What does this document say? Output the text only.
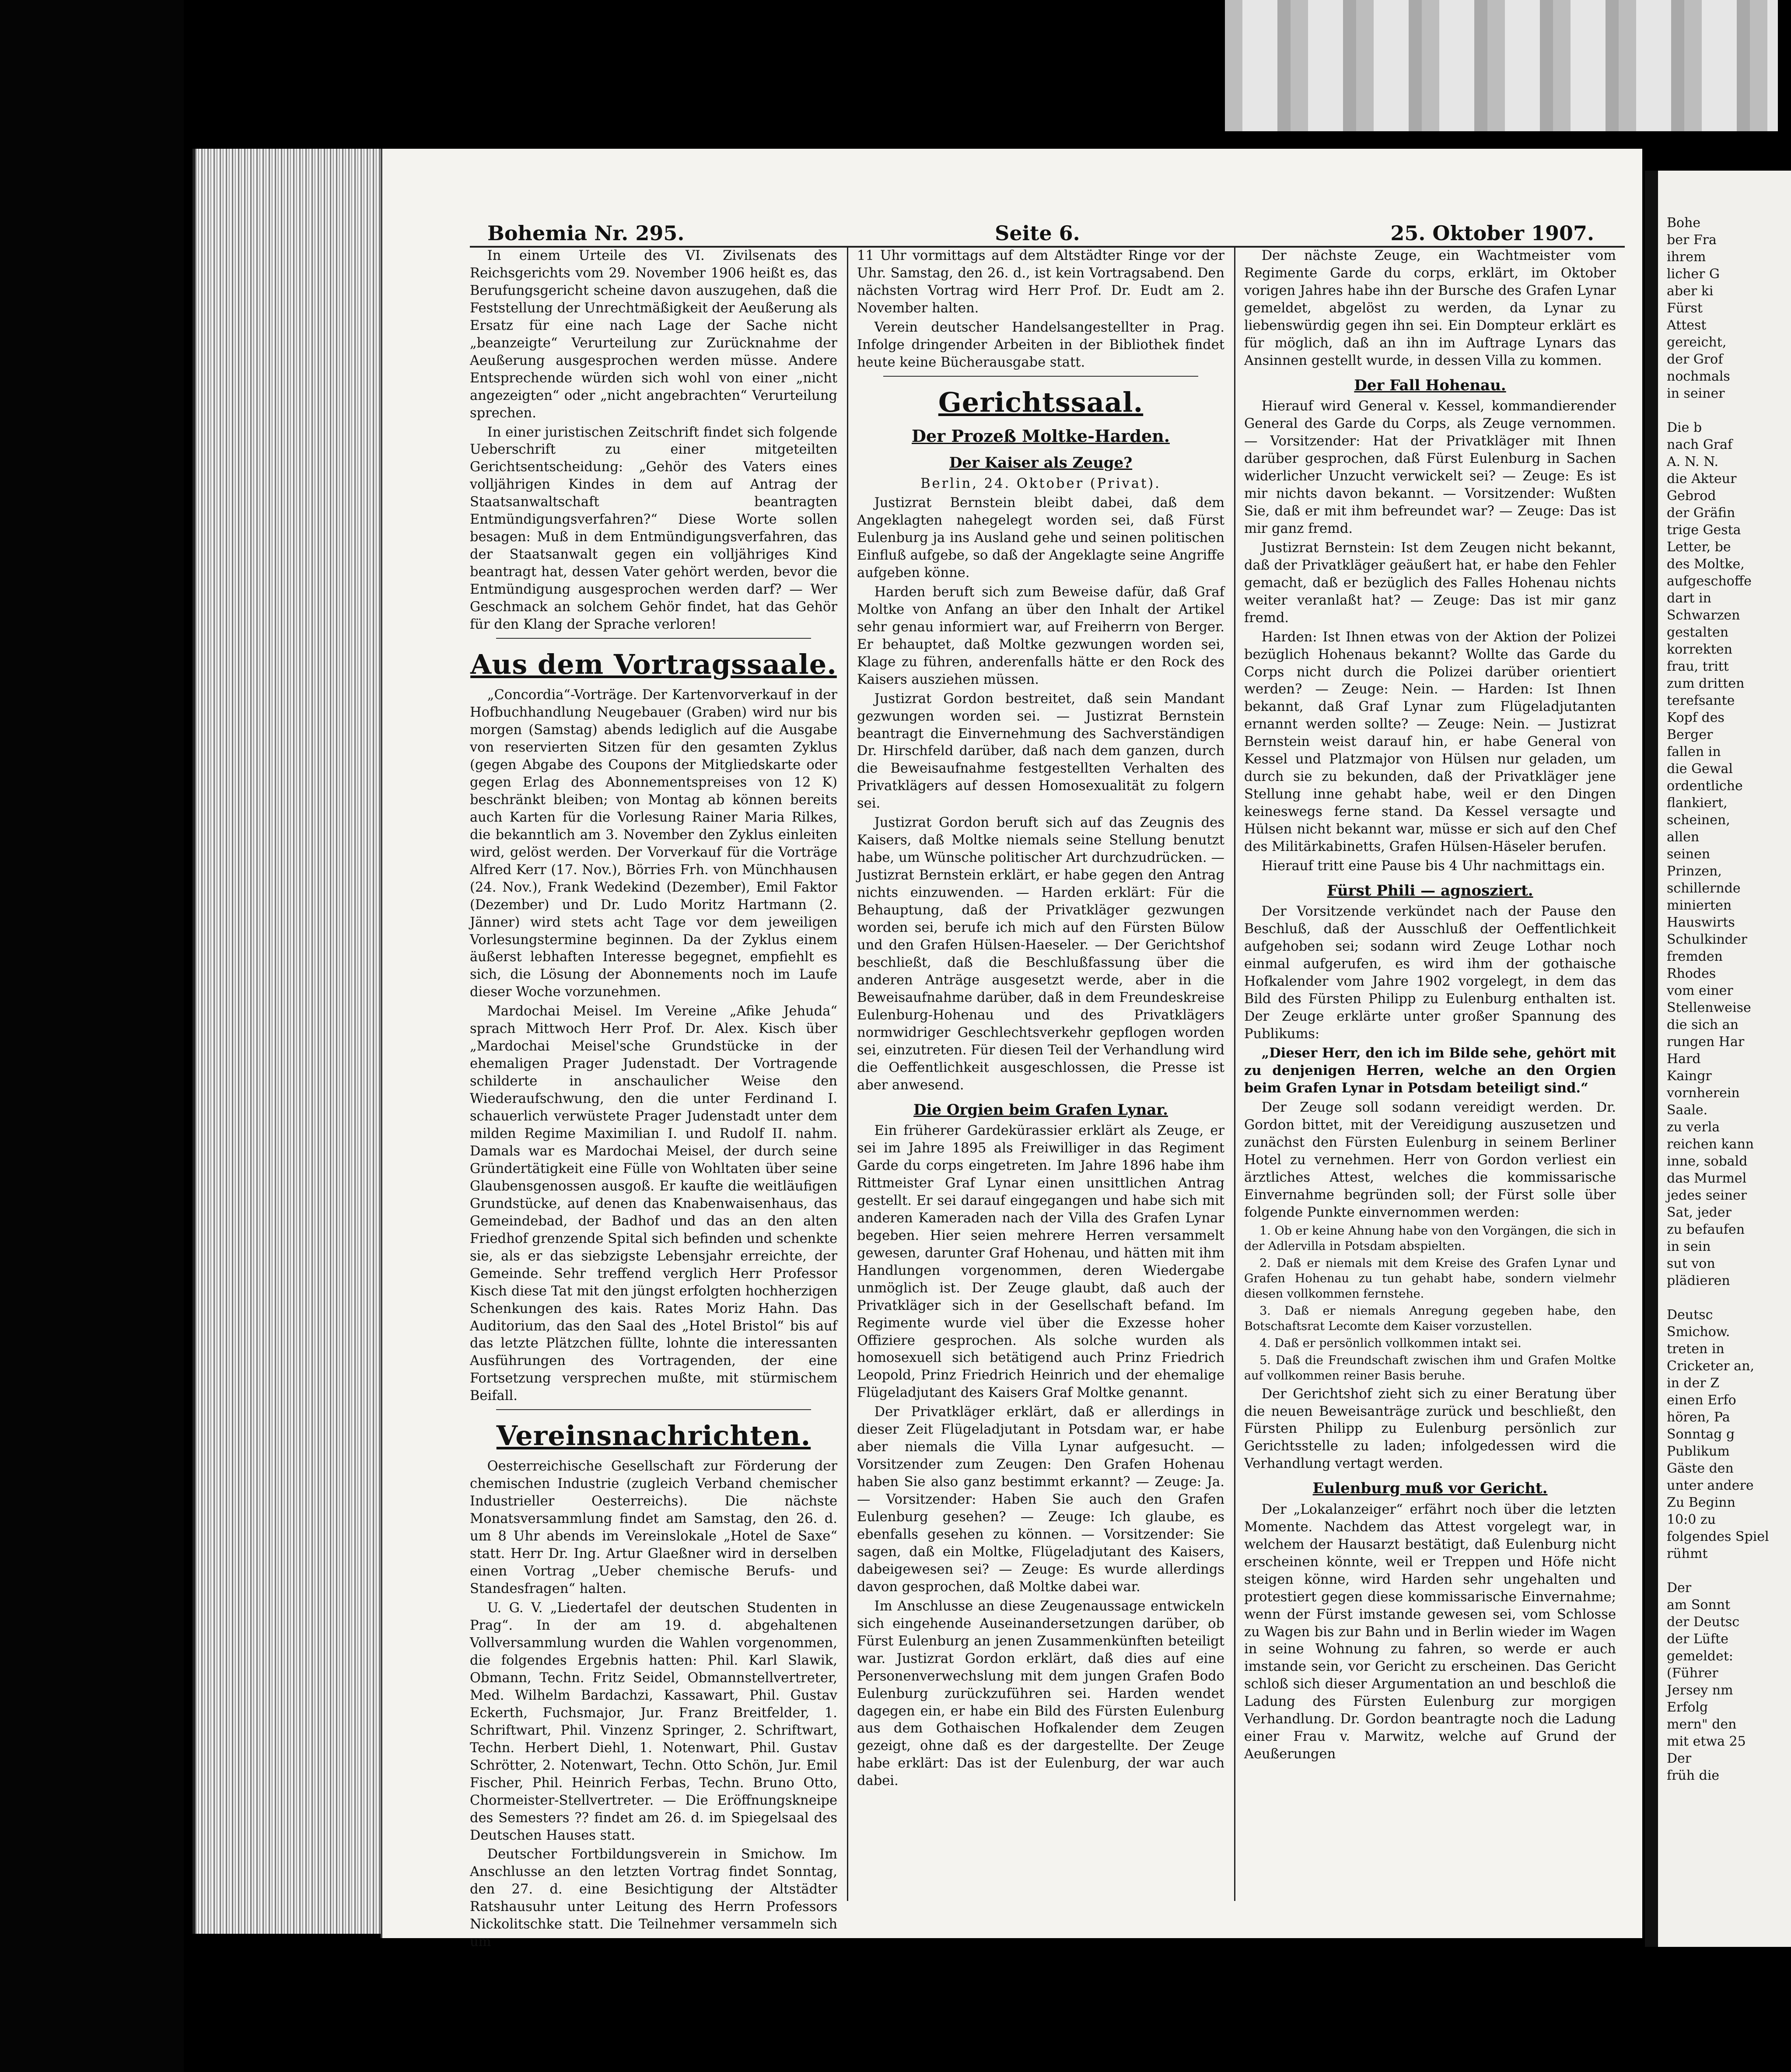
Bohemia Nr. 295.	Seite 6.	25. Oktober 1907.

In einem Urteile des VI. Zivilsenats des Reichsgerichts vom 29. November 1906 heißt es, das Berufungsgericht scheine davon auszugehen, daß die Feststellung der Unrechtmäßigkeit der Aeußerung als Ersatz für eine nach Lage der Sache nicht „beanzeigte“ Verurteilung zur Zurücknahme der Aeußerung ausgesprochen werden müsse. Andere Entsprechende würden sich wohl von einer „nicht angezeigten“ oder „nicht angebrachten“ Verurteilung sprechen.

In einer juristischen Zeitschrift findet sich folgende Ueberschrift zu einer mitgeteilten Gerichtsentscheidung: „Gehör des Vaters eines volljährigen Kindes in dem auf Antrag der Staatsanwaltschaft beantragten Entmündigungsverfahren?“ Diese Worte sollen besagen: Muß in dem Entmündigungsverfahren, das der Staatsanwalt gegen ein volljähriges Kind beantragt hat, dessen Vater gehört werden, bevor die Entmündigung ausgesprochen werden darf? — Wer Geschmack an solchem Gehör findet, hat das Gehör für den Klang der Sprache verloren!

Aus dem Vortragssaale.

„Concordia“-Vorträge. Der Kartenvorverkauf in der Hofbuchhandlung Neugebauer (Graben) wird nur bis morgen (Samstag) abends lediglich auf die Ausgabe von reservierten Sitzen für den gesamten Zyklus (gegen Abgabe des Coupons der Mitgliedskarte oder gegen Erlag des Abonnementspreises von 12 K) beschränkt bleiben; von Montag ab können bereits auch Karten für die Vorlesung Rainer Maria Rilkes, die bekanntlich am 3. November den Zyklus einleiten wird, gelöst werden. Der Vorverkauf für die Vorträge Alfred Kerr (17. Nov.), Börries Frh. von Münchhausen (24. Nov.), Frank Wedekind (Dezember), Emil Faktor (Dezember) und Dr. Ludo Moritz Hartmann (2. Jänner) wird stets acht Tage vor dem jeweiligen Vorlesungstermine beginnen. Da der Zyklus einem äußerst lebhaften Interesse begegnet, empfiehlt es sich, die Lösung der Abonnements noch im Laufe dieser Woche vorzunehmen.

Mardochai Meisel. Im Vereine „Afike Jehuda“ sprach Mittwoch Herr Prof. Dr. Alex. Kisch über „Mardochai Meisel'sche Grundstücke in der ehemaligen Prager Judenstadt. Der Vortragende schilderte in anschaulicher Weise den Wiederaufschwung, den die unter Ferdinand I. schauerlich verwüstete Prager Judenstadt unter dem milden Regime Maximilian I. und Rudolf II. nahm. Damals war es Mardochai Meisel, der durch seine Gründertätigkeit eine Fülle von Wohltaten über seine Glaubensgenossen ausgoß. Er kaufte die weitläufigen Grundstücke, auf denen das Knabenwaisenhaus, das Gemeindebad, der Badhof und das an den alten Friedhof grenzende Spital sich befinden und schenkte sie, als er das siebzigste Lebensjahr erreichte, der Gemeinde. Sehr treffend verglich Herr Professor Kisch diese Tat mit den jüngst erfolgten hochherzigen Schenkungen des kais. Rates Moriz Hahn. Das Auditorium, das den Saal des „Hotel Bristol“ bis auf das letzte Plätzchen füllte, lohnte die interessanten Ausführungen des Vortragenden, der eine Fortsetzung versprechen mußte, mit stürmischem Beifall.

Vereinsnachrichten.

Oesterreichische Gesellschaft zur Förderung der chemischen Industrie (zugleich Verband chemischer Industrieller Oesterreichs). Die nächste Monatsversammlung findet am Samstag, den 26. d. um 8 Uhr abends im Vereinslokale „Hotel de Saxe“ statt. Herr Dr. Ing. Artur Glaeßner wird in derselben einen Vortrag „Ueber chemische Berufs- und Standesfragen“ halten.

U. G. V. „Liedertafel der deutschen Studenten in Prag“. In der am 19. d. abgehaltenen Vollversammlung wurden die Wahlen vorgenommen, die folgendes Ergebnis hatten: Phil. Karl Slawik, Obmann, Techn. Fritz Seidel, Obmannstellvertreter, Med. Wilhelm Bardachzi, Kassawart, Phil. Gustav Eckerth, Fuchsmajor, Jur. Franz Breitfelder, 1. Schriftwart, Phil. Vinzenz Springer, 2. Schriftwart, Techn. Herbert Diehl, 1. Notenwart, Phil. Gustav Schrötter, 2. Notenwart, Techn. Otto Schön, Jur. Emil Fischer, Phil. Heinrich Ferbas, Techn. Bruno Otto, Chormeister-Stellvertreter. — Die Eröffnungskneipe des Semesters ?? findet am 26. d. im Spiegelsaal des Deutschen Hauses statt.

Deutscher Fortbildungsverein in Smichow. Im Anschlusse an den letzten Vortrag findet Sonntag, den 27. d. eine Besichtigung der Altstädter Ratshausuhr unter Leitung des Herrn Professors Nickolitschke statt. Die Teilnehmer versammeln sich um

11 Uhr vormittags auf dem Altstädter Ringe vor der Uhr. Samstag, den 26. d., ist kein Vortragsabend. Den nächsten Vortrag wird Herr Prof. Dr. Eudt am 2. November halten.

Verein deutscher Handelsangestellter in Prag. Infolge dringender Arbeiten in der Bibliothek findet heute keine Bücherausgabe statt.

Gerichtssaal.
Der Prozeß Moltke-Harden.
Der Kaiser als Zeuge?

Berlin, 24. Oktober (Privat).

Justizrat Bernstein bleibt dabei, daß dem Angeklagten nahegelegt worden sei, daß Fürst Eulenburg ja ins Ausland gehe und seinen politischen Einfluß aufgebe, so daß der Angeklagte seine Angriffe aufgeben könne.

Harden beruft sich zum Beweise dafür, daß Graf Moltke von Anfang an über den Inhalt der Artikel sehr genau informiert war, auf Freiherrn von Berger. Er behauptet, daß Moltke gezwungen worden sei, Klage zu führen, anderenfalls hätte er den Rock des Kaisers ausziehen müssen.

Justizrat Gordon bestreitet, daß sein Mandant gezwungen worden sei. — Justizrat Bernstein beantragt die Einvernehmung des Sachverständigen Dr. Hirschfeld darüber, daß nach dem ganzen, durch die Beweisaufnahme festgestellten Verhalten des Privatklägers auf dessen Homosexualität zu folgern sei.

Justizrat Gordon beruft sich auf das Zeugnis des Kaisers, daß Moltke niemals seine Stellung benutzt habe, um Wünsche politischer Art durchzudrücken. — Justizrat Bernstein erklärt, er habe gegen den Antrag nichts einzuwenden. — Harden erklärt: Für die Behauptung, daß der Privatkläger gezwungen worden sei, berufe ich mich auf den Fürsten Bülow und den Grafen Hülsen-Haeseler. — Der Gerichtshof beschließt, daß die Beschlußfassung über die anderen Anträge ausgesetzt werde, aber in die Beweisaufnahme darüber, daß in dem Freundeskreise Eulenburg-Hohenau und des Privatklägers normwidriger Geschlechtsverkehr gepflogen worden sei, einzutreten. Für diesen Teil der Verhandlung wird die Oeffentlichkeit ausgeschlossen, die Presse ist aber anwesend.

Die Orgien beim Grafen Lynar.

Ein früherer Gardekürassier erklärt als Zeuge, er sei im Jahre 1895 als Freiwilliger in das Regiment Garde du corps eingetreten. Im Jahre 1896 habe ihm Rittmeister Graf Lynar einen unsittlichen Antrag gestellt. Er sei darauf eingegangen und habe sich mit anderen Kameraden nach der Villa des Grafen Lynar begeben. Hier seien mehrere Herren versammelt gewesen, darunter Graf Hohenau, und hätten mit ihm Handlungen vorgenommen, deren Wiedergabe unmöglich ist. Der Zeuge glaubt, daß auch der Privatkläger sich in der Gesellschaft befand. Im Regimente wurde viel über die Exzesse hoher Offiziere gesprochen. Als solche wurden als homosexuell sich betätigend auch Prinz Friedrich Leopold, Prinz Friedrich Heinrich und der ehemalige Flügeladjutant des Kaisers Graf Moltke genannt.

Der Privatkläger erklärt, daß er allerdings in dieser Zeit Flügeladjutant in Potsdam war, er habe aber niemals die Villa Lynar aufgesucht. — Vorsitzender zum Zeugen: Den Grafen Hohenau haben Sie also ganz bestimmt erkannt? — Zeuge: Ja. — Vorsitzender: Haben Sie auch den Grafen Eulenburg gesehen? — Zeuge: Ich glaube, es ebenfalls gesehen zu können. — Vorsitzender: Sie sagen, daß ein Moltke, Flügeladjutant des Kaisers, dabeigewesen sei? — Zeuge: Es wurde allerdings davon gesprochen, daß Moltke dabei war.

Im Anschlusse an diese Zeugenaussage entwickeln sich eingehende Auseinandersetzungen darüber, ob Fürst Eulenburg an jenen Zusammenkünften beteiligt war. Justizrat Gordon erklärt, daß dies auf eine Personenverwechslung mit dem jungen Grafen Bodo Eulenburg zurückzuführen sei. Harden wendet dagegen ein, er habe ein Bild des Fürsten Eulenburg aus dem Gothaischen Hofkalender dem Zeugen gezeigt, ohne daß es der dargestellte. Der Zeuge habe erklärt: Das ist der Eulenburg, der war auch dabei.

Der nächste Zeuge, ein Wachtmeister vom Regimente Garde du corps, erklärt, im Oktober vorigen Jahres habe ihn der Bursche des Grafen Lynar gemeldet, abgelöst zu werden, da Lynar zu liebenswürdig gegen ihn sei. Ein Dompteur erklärt es für möglich, daß an ihn im Auftrage Lynars das Ansinnen gestellt wurde, in dessen Villa zu kommen.

Der Fall Hohenau.

Hierauf wird General v. Kessel, kommandierender General des Garde du Corps, als Zeuge vernommen. — Vorsitzender: Hat der Privatkläger mit Ihnen darüber gesprochen, daß Fürst Eulenburg in Sachen widerlicher Unzucht verwickelt sei? — Zeuge: Es ist mir nichts davon bekannt. — Vorsitzender: Wußten Sie, daß er mit ihm befreundet war? — Zeuge: Das ist mir ganz fremd.

Justizrat Bernstein: Ist dem Zeugen nicht bekannt, daß der Privatkläger geäußert hat, er habe den Fehler gemacht, daß er bezüglich des Falles Hohenau nichts weiter veranlaßt hat? — Zeuge: Das ist mir ganz fremd.

Harden: Ist Ihnen etwas von der Aktion der Polizei bezüglich Hohenaus bekannt? Wollte das Garde du Corps nicht durch die Polizei darüber orientiert werden? — Zeuge: Nein. — Harden: Ist Ihnen bekannt, daß Graf Lynar zum Flügeladjutanten ernannt werden sollte? — Zeuge: Nein. — Justizrat Bernstein weist darauf hin, er habe General von Kessel und Platzmajor von Hülsen nur geladen, um durch sie zu bekunden, daß der Privatkläger jene Stellung inne gehabt habe, weil er den Dingen keineswegs ferne stand. Da Kessel versagte und Hülsen nicht bekannt war, müsse er sich auf den Chef des Militärkabinetts, Grafen Hülsen-Häseler berufen.

Hierauf tritt eine Pause bis 4 Uhr nachmittags ein.

Fürst Phili — agnosziert.

Der Vorsitzende verkündet nach der Pause den Beschluß, daß der Ausschluß der Oeffentlichkeit aufgehoben sei; sodann wird Zeuge Lothar noch einmal aufgerufen, es wird ihm der gothaische Hofkalender vom Jahre 1902 vorgelegt, in dem das Bild des Fürsten Philipp zu Eulenburg enthalten ist. Der Zeuge erklärte unter großer Spannung des Publikums:

„Dieser Herr, den ich im Bilde sehe, gehört mit zu denjenigen Herren, welche an den Orgien beim Grafen Lynar in Potsdam beteiligt sind.“

Der Zeuge soll sodann vereidigt werden. Dr. Gordon bittet, mit der Vereidigung auszusetzen und zunächst den Fürsten Eulenburg in seinem Berliner Hotel zu vernehmen. Herr von Gordon verliest ein ärztliches Attest, welches die kommissarische Einvernahme begründen soll; der Fürst solle über folgende Punkte einvernommen werden:

1. Ob er keine Ahnung habe von den Vorgängen, die sich in der Adlervilla in Potsdam abspielten.

2. Daß er niemals mit dem Kreise des Grafen Lynar und Grafen Hohenau zu tun gehabt habe, sondern vielmehr diesen vollkommen fernstehe.

3. Daß er niemals Anregung gegeben habe, den Botschaftsrat Lecomte dem Kaiser vorzustellen.

4. Daß er persönlich vollkommen intakt sei.

5. Daß die Freundschaft zwischen ihm und Grafen Moltke auf vollkommen reiner Basis beruhe.

Der Gerichtshof zieht sich zu einer Beratung über die neuen Beweisanträge zurück und beschließt, den Fürsten Philipp zu Eulenburg persönlich zur Gerichtsstelle zu laden; infolgedessen wird die Verhandlung vertagt werden.

Eulenburg muß vor Gericht.

Der „Lokalanzeiger“ erfährt noch über die letzten Momente. Nachdem das Attest vorgelegt war, in welchem der Hausarzt bestätigt, daß Eulenburg nicht erscheinen könnte, weil er Treppen und Höfe nicht steigen könne, wird Harden sehr ungehalten und protestiert gegen diese kommissarische Einvernahme; wenn der Fürst imstande gewesen sei, vom Schlosse zu Wagen bis zur Bahn und in Berlin wieder im Wagen in seine Wohnung zu fahren, so werde er auch imstande sein, vor Gericht zu erscheinen. Das Gericht schloß sich dieser Argumentation an und beschloß die Ladung des Fürsten Eulenburg zur morgigen Verhandlung. Dr. Gordon beantragte noch die Ladung einer Frau v. Marwitz, welche auf Grund der Aeußerungen

Bohe
ber Fra
ihrem
licher G
aber ki
Fürst
Attest
gereicht,
der Grof
nochmals
in seiner

Die b
nach Graf
A. N. N.
die Akteur
Gebrod
der Gräfin
trige Gesta
Letter, be
des Moltke,
aufgeschoffe
dart in
Schwarzen
gestalten
korrekten
frau, tritt
zum dritten
terefsante
Kopf des
Berger
fallen in
die Gewal
ordentliche
flankiert,
scheinen,
allen
seinen
Prinzen,
schillernde
minierten
Hauswirts
Schulkinder
fremden
Rhodes
vom einer
Stellenweise
die sich an
rungen Har
Hard
Kaingr
vornherein
Saale.
zu verla
reichen kann
inne, sobald
das Murmel
jedes seiner
Sat, jeder
zu befaufen
in sein
sut von
plädieren

Deutsc
Smichow.
treten in
Cricketer an,
in der Z
einen Erfo
hören, Pa
Sonntag g
Publikum
Gäste den
unter andere
Zu Beginn
10:0 zu
folgendes Spiel
rühmt

Der
am Sonnt
der Deutsc
der Lüfte
gemeldet:
(Führer
Jersey nm
Erfolg
mern" den
mit etwa 25
Der
früh die
